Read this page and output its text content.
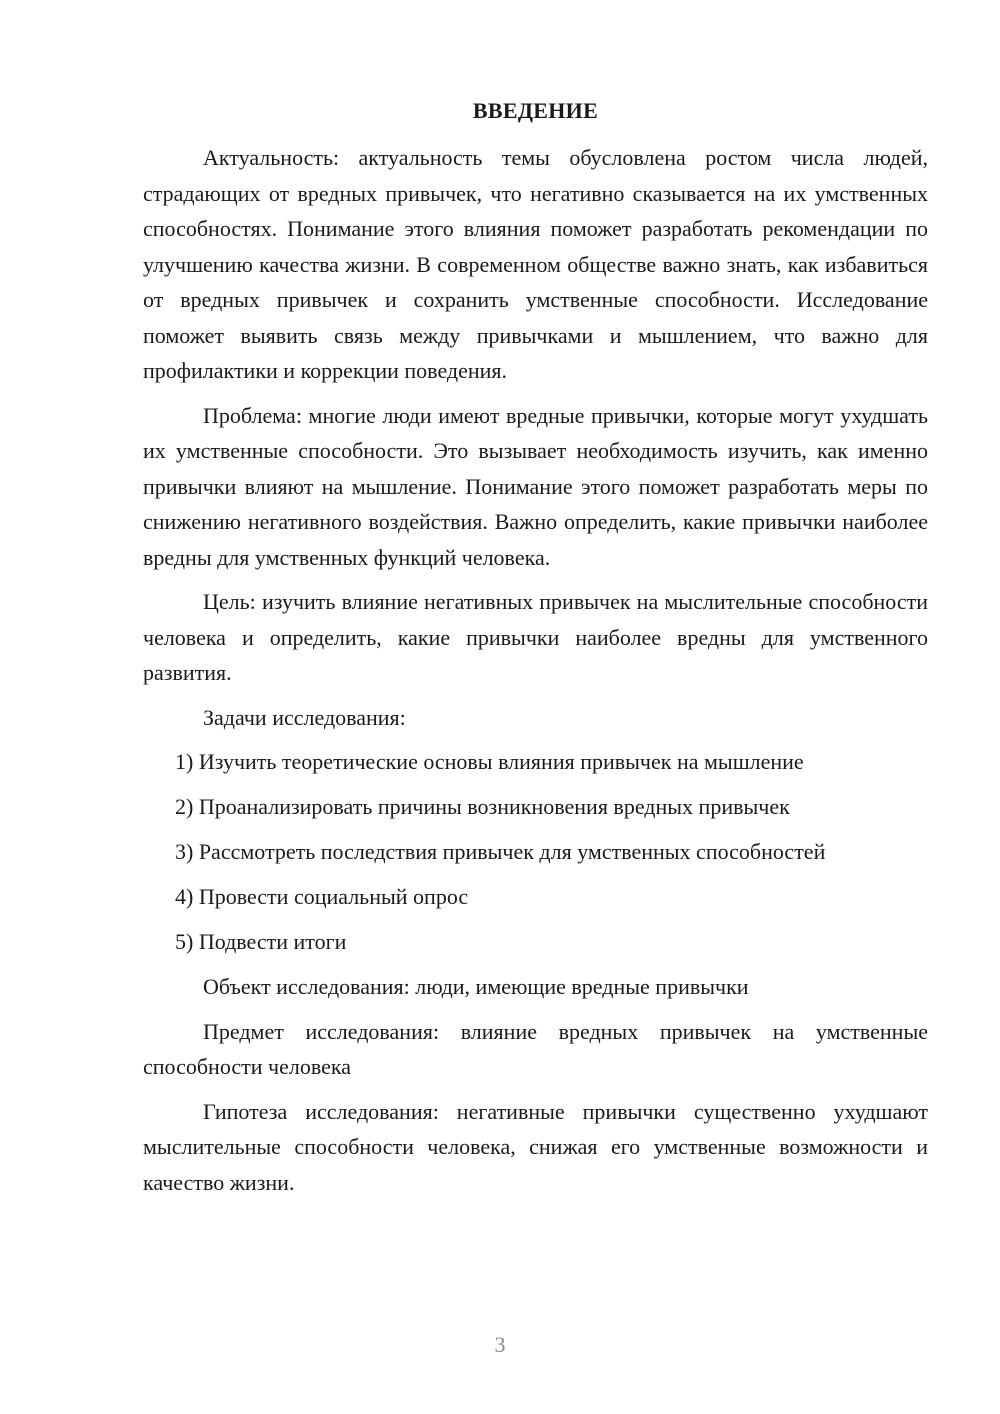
ВВЕДЕНИЕ

Актуальность: актуальность темы обусловлена ростом числа людей, страдающих от вредных привычек, что негативно сказывается на их умственных способностях. Понимание этого влияния поможет разработать рекомендации по улучшению качества жизни. В современном обществе важно знать, как избавиться от вредных привычек и сохранить умственные способности. Исследование поможет выявить связь между привычками и мышлением, что важно для профилактики и коррекции поведения.

Проблема: многие люди имеют вредные привычки, которые могут ухудшать их умственные способности. Это вызывает необходимость изучить, как именно привычки влияют на мышление. Понимание этого поможет разработать меры по снижению негативного воздействия. Важно определить, какие привычки наиболее вредны для умственных функций человека.

Цель: изучить влияние негативных привычек на мыслительные способности человека и определить, какие привычки наиболее вредны для умственного развития.

Задачи исследования:
1) Изучить теоретические основы влияния привычек на мышление
2) Проанализировать причины возникновения вредных привычек
3) Рассмотреть последствия привычек для умственных способностей
4) Провести социальный опрос
5) Подвести итоги

Объект исследования: люди, имеющие вредные привычки

Предмет исследования: влияние вредных привычек на умственные способности человека

Гипотеза исследования: негативные привычки существенно ухудшают мыслительные способности человека, снижая его умственные возможности и качество жизни.

3
